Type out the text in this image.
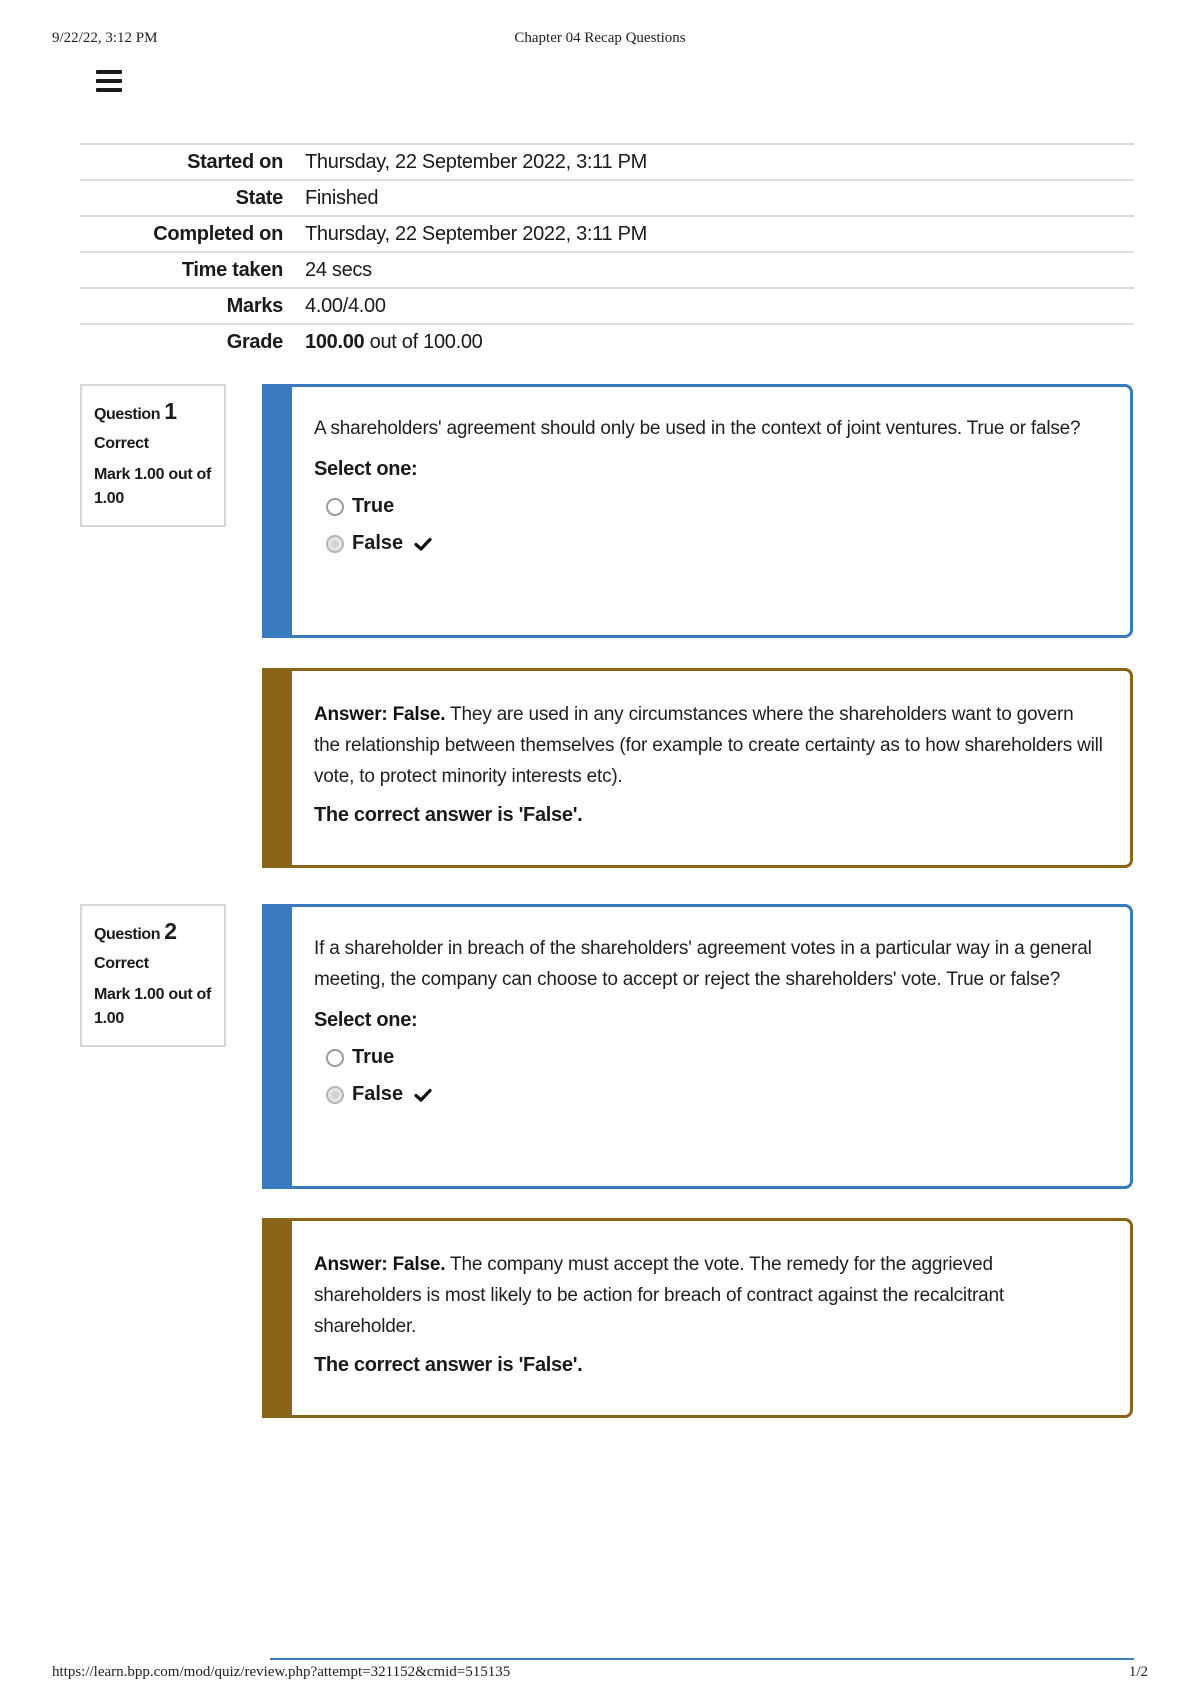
9/22/22, 3:12 PM	Chapter 04 Recap Questions
Started on	Thursday, 22 September 2022, 3:11 PM
State	Finished
Completed on	Thursday, 22 September 2022, 3:11 PM
Time taken	24 secs
Marks	4.00/4.00
Grade	100.00 out of 100.00
Question 1
Correct
Mark 1.00 out of 1.00
A shareholders' agreement should only be used in the context of joint ventures. True or false?
Select one:
True
False
Answer: False. They are used in any circumstances where the shareholders want to govern the relationship between themselves (for example to create certainty as to how shareholders will vote, to protect minority interests etc).
The correct answer is 'False'.
Question 2
Correct
Mark 1.00 out of 1.00
If a shareholder in breach of the shareholders' agreement votes in a particular way in a general meeting, the company can choose to accept or reject the shareholders' vote. True or false?
Select one:
True
False
Answer: False. The company must accept the vote. The remedy for the aggrieved shareholders is most likely to be action for breach of contract against the recalcitrant shareholder.
The correct answer is 'False'.
https://learn.bpp.com/mod/quiz/review.php?attempt=321152&cmid=515135	1/2
